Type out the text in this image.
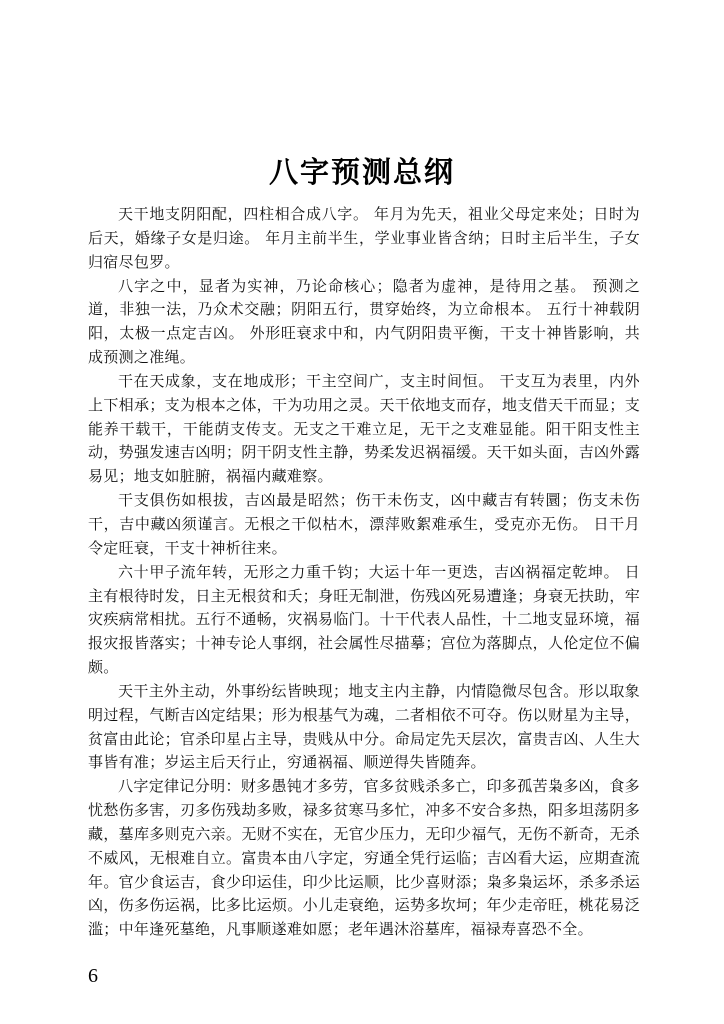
八字预测总纲

天干地支阴阳配，四柱相合成八字。 年月为先天，祖业父母定来处；日时为后天，婚缘子女是归途。 年月主前半生，学业事业皆含纳；日时主后半生，子女归宿尽包罗。

八字之中，显者为实神，乃论命核心；隐者为虚神，是待用之基。 预测之道，非独一法，乃众术交融；阴阳五行，贯穿始终，为立命根本。 五行十神载阴阳，太极一点定吉凶。 外形旺衰求中和，内气阴阳贵平衡，干支十神皆影响，共成预测之准绳。

干在天成象，支在地成形；干主空间广，支主时间恒。 干支互为表里，内外上下相承；支为根本之体，干为功用之灵。天干依地支而存，地支借天干而显；支能养干载干，干能荫支传支。无支之干难立足，无干之支难显能。阳干阳支性主动，势强发速吉凶明；阴干阴支性主静，势柔发迟祸福缓。天干如头面，吉凶外露易见；地支如脏腑，祸福内藏难察。

干支俱伤如根拔，吉凶最是昭然；伤干未伤支，凶中藏吉有转圜；伤支未伤干，吉中藏凶须谨言。无根之干似枯木，漂萍败絮难承生，受克亦无伤。 日干月令定旺衰，干支十神析往来。

六十甲子流年转，无形之力重千钧；大运十年一更迭，吉凶祸福定乾坤。 日主有根待时发，日主无根贫和夭；身旺无制泄，伤残凶死易遭逢；身衰无扶助，牢灾疾病常相扰。五行不通畅，灾祸易临门。十干代表人品性，十二地支显环境，福报灾报皆落实；十神专论人事纲，社会属性尽描摹；宫位为落脚点，人伦定位不偏颇。

天干主外主动，外事纷纭皆映现；地支主内主静，内情隐微尽包含。形以取象明过程，气断吉凶定结果；形为根基气为魂，二者相依不可夺。伤以财星为主导，贫富由此论；官杀印星占主导，贵贱从中分。命局定先天层次，富贵吉凶、人生大事皆有准；岁运主后天行止，穷通祸福、顺逆得失皆随奔。

八字定律记分明：财多愚钝才多劳，官多贫贱杀多亡，印多孤苦枭多凶，食多忧愁伤多害，刃多伤残劫多败，禄多贫寒马多忙，冲多不安合多热，阳多坦荡阴多藏，墓库多则克六亲。无财不实在，无官少压力，无印少福气，无伤不新奇，无杀不威风，无根难自立。富贵本由八字定，穷通全凭行运临；吉凶看大运，应期查流年。官少食运吉，食少印运佳，印少比运顺，比少喜财添；枭多枭运坏，杀多杀运凶，伤多伤运祸，比多比运烦。小儿走衰绝，运势多坎坷；年少走帝旺，桃花易泛滥；中年逢死墓绝，凡事顺遂难如愿；老年遇沐浴墓库，福禄寿喜恐不全。

6
